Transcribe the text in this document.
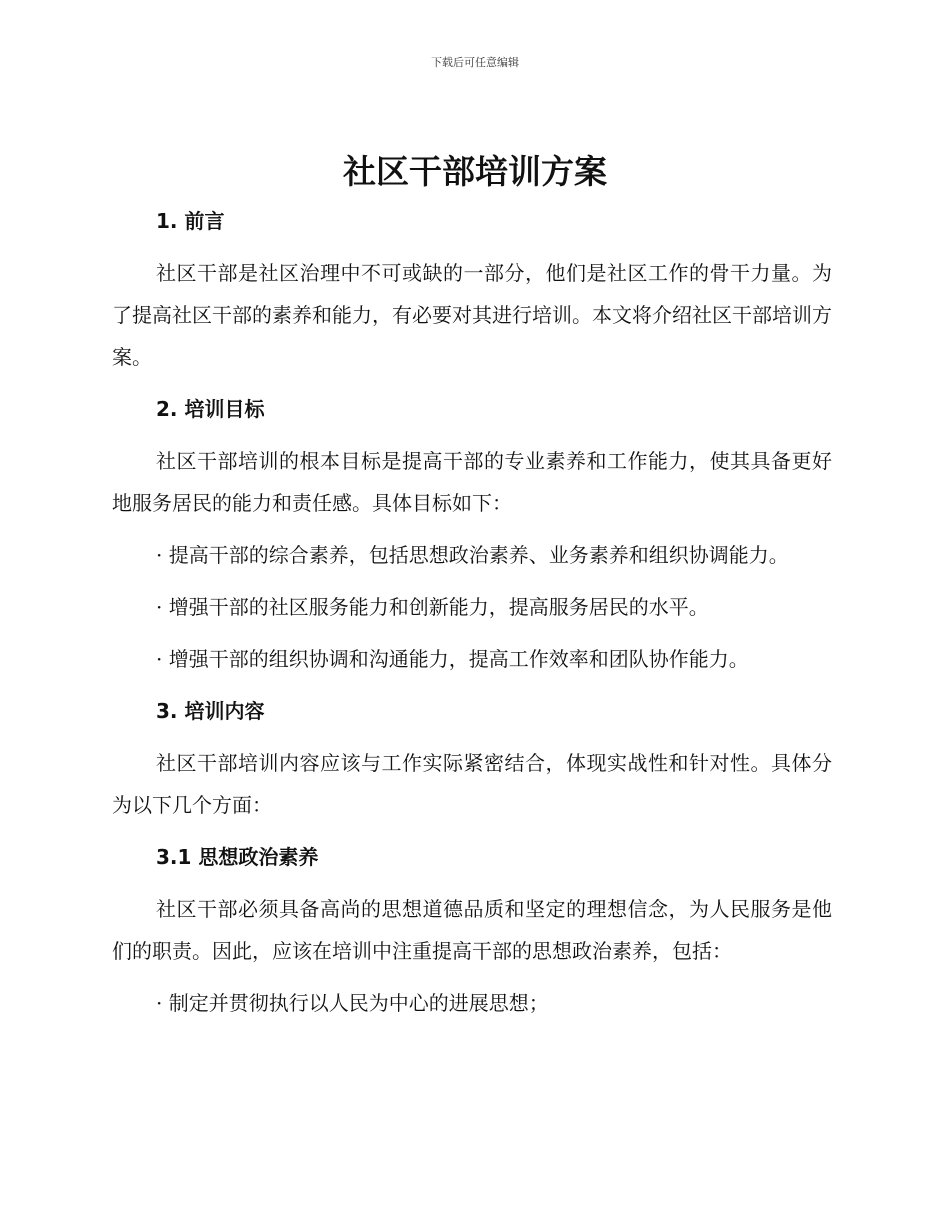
下载后可任意编辑
社区干部培训方案
1. 前言

社区干部是社区治理中不可或缺的一部分，他们是社区工作的骨干力量。为了提高社区干部的素养和能力，有必要对其进行培训。本文将介绍社区干部培训方案。

2. 培训目标

社区干部培训的根本目标是提高干部的专业素养和工作能力，使其具备更好地服务居民的能力和责任感。具体目标如下：

· 提高干部的综合素养，包括思想政治素养、业务素养和组织协调能力。

· 增强干部的社区服务能力和创新能力，提高服务居民的水平。

· 增强干部的组织协调和沟通能力，提高工作效率和团队协作能力。

3. 培训内容

社区干部培训内容应该与工作实际紧密结合，体现实战性和针对性。具体分为以下几个方面：

3.1 思想政治素养

社区干部必须具备高尚的思想道德品质和坚定的理想信念，为人民服务是他们的职责。因此，应该在培训中注重提高干部的思想政治素养，包括：

· 制定并贯彻执行以人民为中心的进展思想；
